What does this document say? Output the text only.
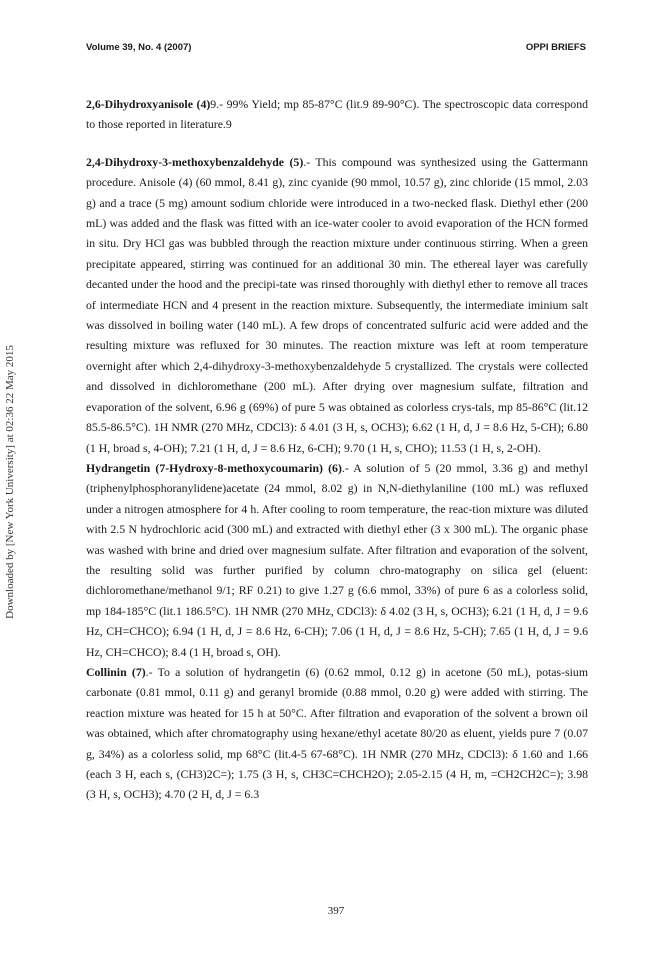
Volume 39, No. 4 (2007)	OPPI BRIEFS
Downloaded by [New York University] at 02:36 22 May 2015

2,6-Dihydroxyanisole (4)9.- 99% Yield; mp 85-87°C (lit.9 89-90°C). The spectroscopic data correspond to those reported in literature.9

2,4-Dihydroxy-3-methoxybenzaldehyde (5).- This compound was synthesized using the Gattermann procedure. Anisole (4) (60 mmol, 8.41 g), zinc cyanide (90 mmol, 10.57 g), zinc chloride (15 mmol, 2.03 g) and a trace (5 mg) amount sodium chloride were introduced in a two-necked flask. Diethyl ether (200 mL) was added and the flask was fitted with an ice-water cooler to avoid evaporation of the HCN formed in situ. Dry HCl gas was bubbled through the reaction mixture under continuous stirring. When a green precipitate appeared, stirring was continued for an additional 30 min. The ethereal layer was carefully decanted under the hood and the precipi-tate was rinsed thoroughly with diethyl ether to remove all traces of intermediate HCN and 4 present in the reaction mixture. Subsequently, the intermediate iminium salt was dissolved in boiling water (140 mL). A few drops of concentrated sulfuric acid were added and the resulting mixture was refluxed for 30 minutes. The reaction mixture was left at room temperature overnight after which 2,4-dihydroxy-3-methoxybenzaldehyde 5 crystallized. The crystals were collected and dissolved in dichloromethane (200 mL). After drying over magnesium sulfate, filtration and evaporation of the solvent, 6.96 g (69%) of pure 5 was obtained as colorless crys-tals, mp 85-86°C (lit.12 85.5-86.5°C). 1H NMR (270 MHz, CDCl3): δ 4.01 (3 H, s, OCH3); 6.62 (1 H, d, J = 8.6 Hz, 5-CH); 6.80 (1 H, broad s, 4-OH); 7.21 (1 H, d, J = 8.6 Hz, 6-CH); 9.70 (1 H, s, CHO); 11.53 (1 H, s, 2-OH).

Hydrangetin (7-Hydroxy-8-methoxycoumarin) (6).- A solution of 5 (20 mmol, 3.36 g) and methyl (triphenylphosphoranylidene)acetate (24 mmol, 8.02 g) in N,N-diethylaniline (100 mL) was refluxed under a nitrogen atmosphere for 4 h. After cooling to room temperature, the reac-tion mixture was diluted with 2.5 N hydrochloric acid (300 mL) and extracted with diethyl ether (3 x 300 mL). The organic phase was washed with brine and dried over magnesium sulfate. After filtration and evaporation of the solvent, the resulting solid was further purified by column chro-matography on silica gel (eluent: dichloromethane/methanol 9/1; RF 0.21) to give 1.27 g (6.6 mmol, 33%) of pure 6 as a colorless solid, mp 184-185°C (lit.1 186.5°C). 1H NMR (270 MHz, CDCl3): δ 4.02 (3 H, s, OCH3); 6.21 (1 H, d, J = 9.6 Hz, CH=CHCO); 6.94 (1 H, d, J = 8.6 Hz, 6-CH); 7.06 (1 H, d, J = 8.6 Hz, 5-CH); 7.65 (1 H, d, J = 9.6 Hz, CH=CHCO); 8.4 (1 H, broad s, OH).

Collinin (7).- To a solution of hydrangetin (6) (0.62 mmol, 0.12 g) in acetone (50 mL), potas-sium carbonate (0.81 mmol, 0.11 g) and geranyl bromide (0.88 mmol, 0.20 g) were added with stirring. The reaction mixture was heated for 15 h at 50°C. After filtration and evaporation of the solvent a brown oil was obtained, which after chromatography using hexane/ethyl acetate 80/20 as eluent, yields pure 7 (0.07 g, 34%) as a colorless solid, mp 68°C (lit.4-5 67-68°C). 1H NMR (270 MHz, CDCl3): δ 1.60 and 1.66 (each 3 H, each s, (CH3)2C=); 1.75 (3 H, s, CH3C=CHCH2O); 2.05-2.15 (4 H, m, =CH2CH2C=); 3.98 (3 H, s, OCH3); 4.70 (2 H, d, J = 6.3

397
